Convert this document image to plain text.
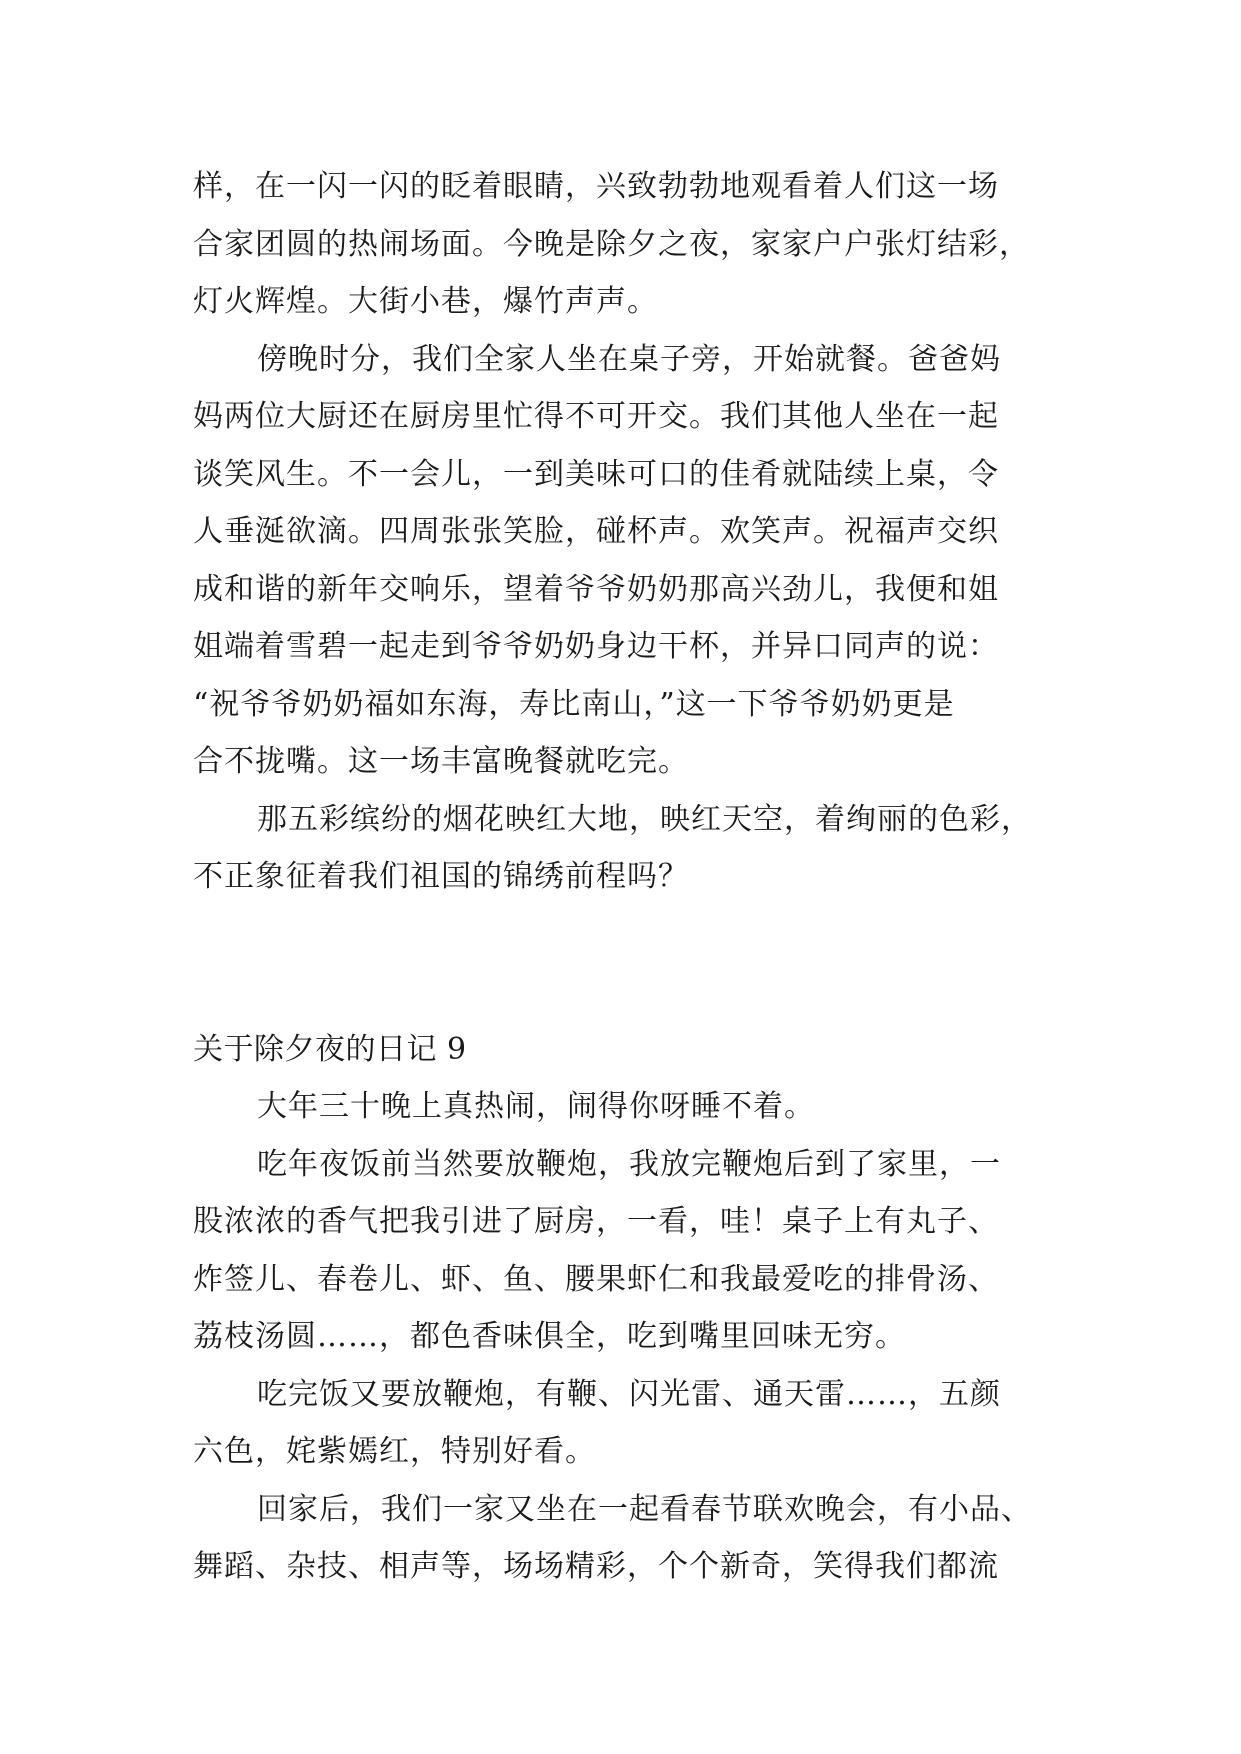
样，在一闪一闪的眨着眼睛，兴致勃勃地观看着人们这一场
合家团圆的热闹场面。今晚是除夕之夜，家家户户张灯结彩，
灯火辉煌。大街小巷，爆竹声声。
傍晚时分，我们全家人坐在桌子旁，开始就餐。爸爸妈
妈两位大厨还在厨房里忙得不可开交。我们其他人坐在一起
谈笑风生。不一会儿，一到美味可口的佳肴就陆续上桌，令
人垂涎欲滴。四周张张笑脸，碰杯声。欢笑声。祝福声交织
成和谐的新年交响乐，望着爷爷奶奶那高兴劲儿，我便和姐
姐端着雪碧一起走到爷爷奶奶身边干杯，并异口同声的说：
“祝爷爷奶奶福如东海，寿比南山，”这一下爷爷奶奶更是
合不拢嘴。这一场丰富晚餐就吃完。
那五彩缤纷的烟花映红大地，映红天空，着绚丽的色彩，
不正象征着我们祖国的锦绣前程吗？
关于除夕夜的日记 9
大年三十晚上真热闹，闹得你呀睡不着。
吃年夜饭前当然要放鞭炮，我放完鞭炮后到了家里，一
股浓浓的香气把我引进了厨房，一看，哇！桌子上有丸子、
炸签儿、春卷儿、虾、鱼、腰果虾仁和我最爱吃的排骨汤、
荔枝汤圆……，都色香味俱全，吃到嘴里回味无穷。
吃完饭又要放鞭炮，有鞭、闪光雷、通天雷……，五颜
六色，姹紫嫣红，特别好看。
回家后，我们一家又坐在一起看春节联欢晚会，有小品、
舞蹈、杂技、相声等，场场精彩，个个新奇，笑得我们都流
